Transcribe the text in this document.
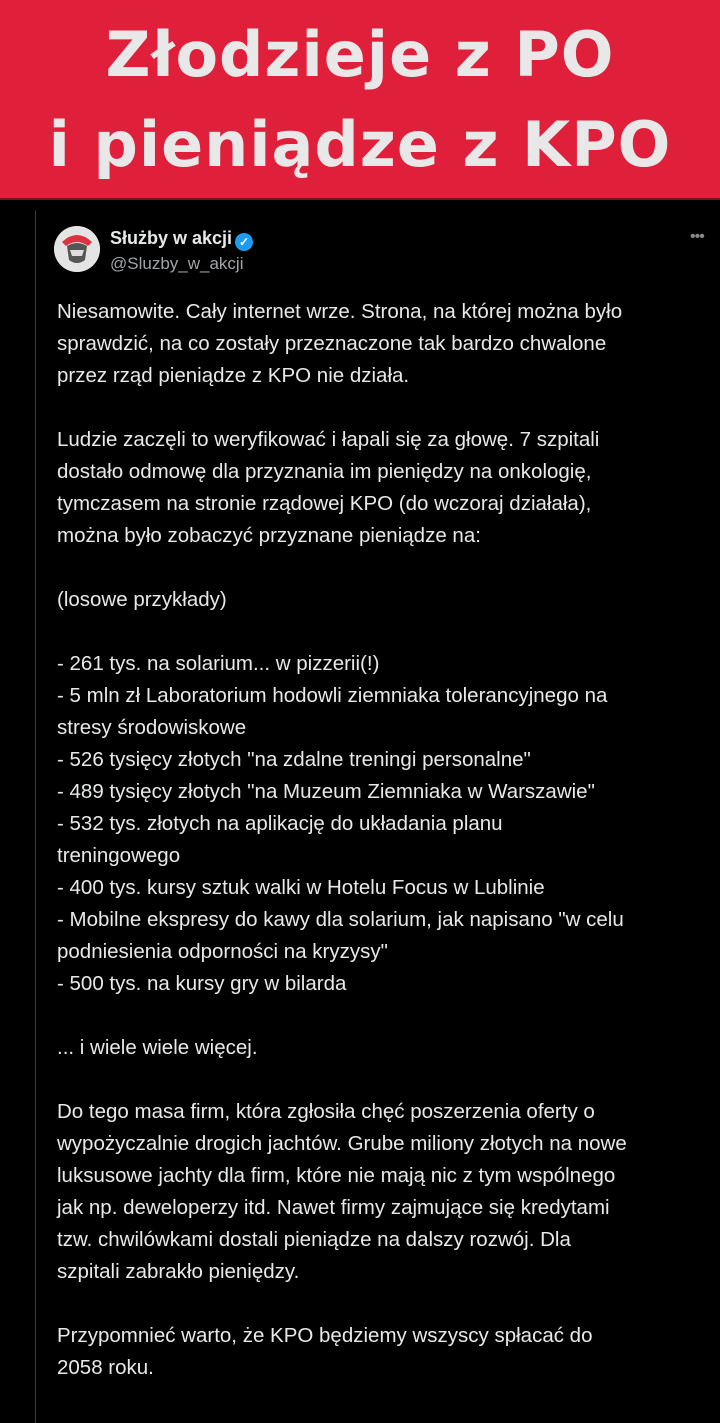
Złodzieje z PO
i pieniądze z KPO
Służby w akcji ✓
@Sluzby_w_akcji
•••
Niesamowite. Cały internet wrze. Strona, na której można było
sprawdzić, na co zostały przeznaczone tak bardzo chwalone
przez rząd pieniądze z KPO nie działa.
Ludzie zaczęli to weryfikować i łapali się za głowę. 7 szpitali
dostało odmowę dla przyznania im pieniędzy na onkologię,
tymczasem na stronie rządowej KPO (do wczoraj działała),
można było zobaczyć przyznane pieniądze na:
(losowe przykłady)
- 261 tys. na solarium... w pizzerii(!)
- 5 mln zł Laboratorium hodowli ziemniaka tolerancyjnego na
stresy środowiskowe
- 526 tysięcy złotych "na zdalne treningi personalne"
- 489 tysięcy złotych "na Muzeum Ziemniaka w Warszawie"
- 532 tys. złotych na aplikację do układania planu
treningowego
- 400 tys. kursy sztuk walki w Hotelu Focus w Lublinie
- Mobilne ekspresy do kawy dla solarium, jak napisano "w celu
podniesienia odporności na kryzysy"
- 500 tys. na kursy gry w bilarda
... i wiele wiele więcej.
Do tego masa firm, która zgłosiła chęć poszerzenia oferty o
wypożyczalnie drogich jachtów. Grube miliony złotych na nowe
luksusowe jachty dla firm, które nie mają nic z tym wspólnego
jak np. deweloperzy itd. Nawet firmy zajmujące się kredytami
tzw. chwilówkami dostali pieniądze na dalszy rozwój. Dla
szpitali zabrakło pieniędzy.
Przypomnieć warto, że KPO będziemy wszyscy spłacać do
2058 roku.
